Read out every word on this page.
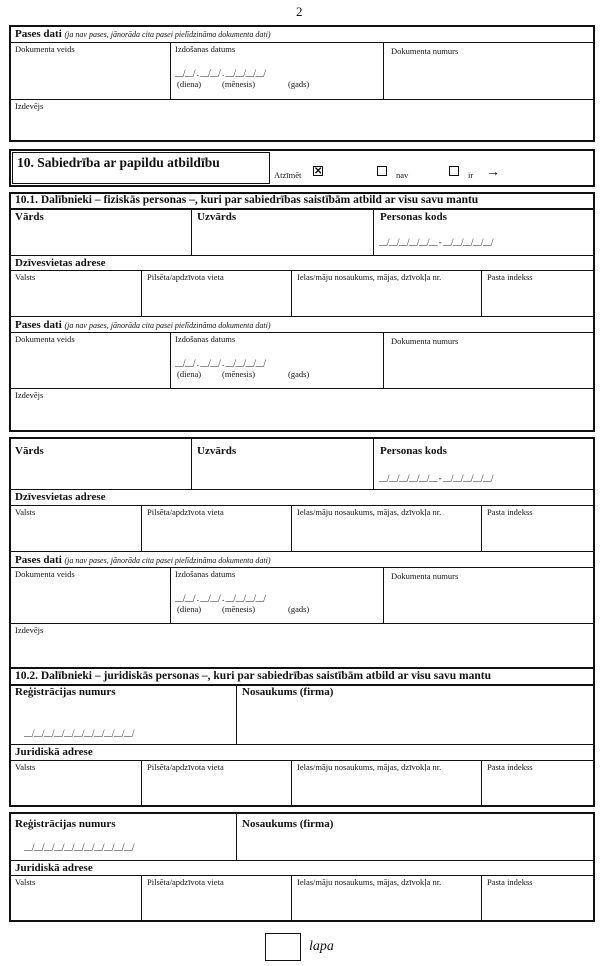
2
Pases dati (ja nav pases, jānorāda cita pasei pielīdzināma dokumenta dati)
Dokumenta veids	Izdošanas datums	Dokumenta numurs
__/__/ . __/__/ . __/__/__/__/
(diena) (mēnesis)	(gads)
Izdevējs
10. Sabiedrība ar papildu atbildību
Atzīmēt ✕	nav	ir →
10.1. Dalībnieki – fiziskās personas –, kuri par sabiedrības saistībām atbild ar visu savu mantu
Vārds	Uzvārds	Personas kods
__/__/__/__/__/__ - __/__/__/__/__/
Dzīvesvietas adrese
Valsts	Pilsēta/apdzīvota vieta	Ielas/māju nosaukums, mājas, dzīvokļa nr.	Pasta indekss
Pases dati (ja nav pases, jānorāda cita pasei pielīdzināma dokumenta dati)
Dokumenta veids	Izdošanas datums	Dokumenta numurs
__/__/ . __/__/ . __/__/__/__/
(diena) (mēnesis)	(gads)
Izdevējs
Vārds	Uzvārds	Personas kods
__/__/__/__/__/__ - __/__/__/__/__/
Dzīvesvietas adrese
Valsts	Pilsēta/apdzīvota vieta	Ielas/māju nosaukums, mājas, dzīvokļa nr.	Pasta indekss
Pases dati (ja nav pases, jānorāda cita pasei pielīdzināma dokumenta dati)
Dokumenta veids	Izdošanas datums	Dokumenta numurs
__/__/ . __/__/ . __/__/__/__/
(diena) (mēnesis)	(gads)
Izdevējs
10.2. Dalībnieki – juridiskās personas –, kuri par sabiedrības saistībām atbild ar visu savu mantu
Reģistrācijas numurs	Nosaukums (firma)
__/__/__/__/__/__/__/__/__/__/__/
Juridiskā adrese
Valsts	Pilsēta/apdzīvota vieta	Ielas/māju nosaukums, mājas, dzīvokļa nr.	Pasta indekss
Reģistrācijas numurs	Nosaukums (firma)
__/__/__/__/__/__/__/__/__/__/__/
Juridiskā adrese
Valsts	Pilsēta/apdzīvota vieta	Ielas/māju nosaukums, mājas, dzīvokļa nr.	Pasta indekss
lapa
